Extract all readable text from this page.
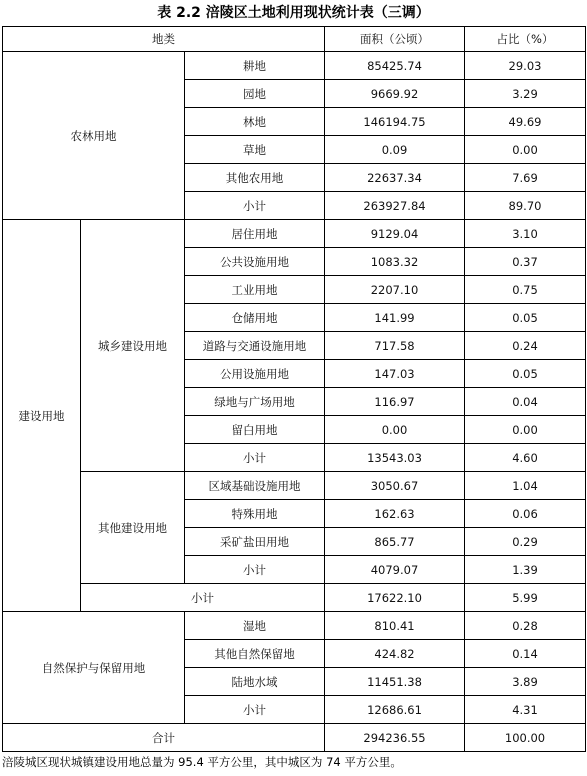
表 2.2 涪陵区土地利用现状统计表（三调）
地类			面积（公顷）	占比（%）
农林用地		耕地	85425.74	29.03
		园地	9669.92	3.29
		林地	146194.75	49.69
		草地	0.09	0.00
		其他农用地	22637.34	7.69
		小计	263927.84	89.70
建设用地	城乡建设用地	居住用地	9129.04	3.10
		公共设施用地	1083.32	0.37
		工业用地	2207.10	0.75
		仓储用地	141.99	0.05
		道路与交通设施用地	717.58	0.24
		公用设施用地	147.03	0.05
		绿地与广场用地	116.97	0.04
		留白用地	0.00	0.00
		小计	13543.03	4.60
	其他建设用地	区域基础设施用地	3050.67	1.04
		特殊用地	162.63	0.06
		采矿盐田用地	865.77	0.29
		小计	4079.07	1.39
	小计		17622.10	5.99
自然保护与保留用地		湿地	810.41	0.28
		其他自然保留地	424.82	0.14
		陆地水域	11451.38	3.89
		小计	12686.61	4.31
合计			294236.55	100.00
涪陵城区现状城镇建设用地总量为 95.4 平方公里，其中城区为 74 平方公里。
